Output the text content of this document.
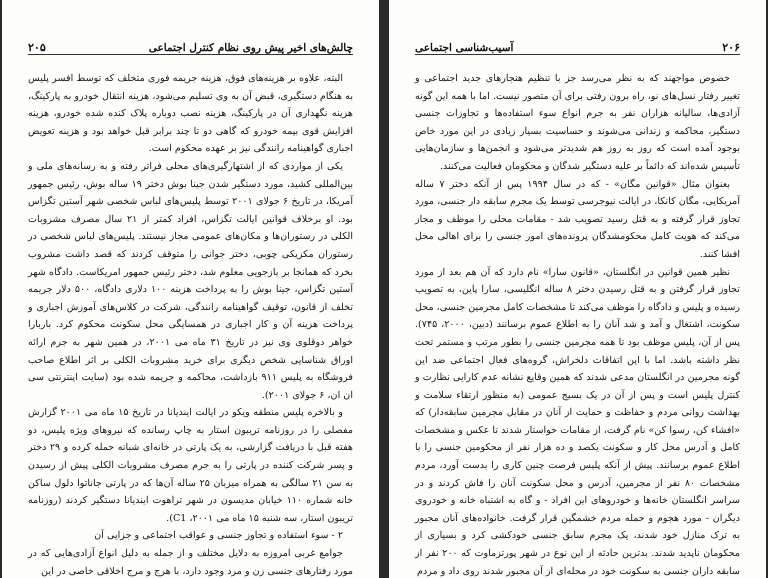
چالش‌های اخیر پیش روی نظام کنترل اجتماعی
۲۰۵

البته، علاوه بر هزینه‌های فوق، هزینه جریمه فوری متخلف که توسط افسر پلیس به هنگام دستگیری، قبض آن به وی تسلیم می‌شود، هزینه انتقال خودرو به پارکینگ، هزینه نگهداری آن در پارکینگ، هزینه نصب دوباره پلاک کنده شده خودرو، هزینه افزایش قوی بیمه خودرو که گاهی دو تا چند برابر قبل خواهد بود و هزینه تعویض اجباری گواهینامه رانندگی نیز بر عهده محکوم است.

یکی از مواردی که از اشتهارگیری‌های محلی فراتر رفته و به رسانه‌های ملی و بین‌المللی کشید، مورد دستگیر شدن جینا بوش دختر ۱۹ ساله بوش، رئیس جمهور آمریکا، در تاریخ ۶ جولای ۲۰۰۱ توسط پلیس‌های لباس شخصی شهر آستین تگزاس بود. او برخلاف قوانین ایالت تگزاس، افراد کمتر از ۲۱ سال مصرف مشروبات الکلی در رستوران‌ها و مکان‌های عمومی مجاز نیستند. پلیس‌های لباس شخصی در رستوران مکزیکی چوبی، دختر جوانی را متوقف کردند که قصد داشت مشروب بخرد که همانجا بر بازجویی معلوم شد، دختر رئیس جمهور امریکاست. دادگاه شهر آستین تگزاس، جینا بوش را به پرداخت هزینه ۱۰۰ دلاری دادگاه، ۵۰۰ دلار جریمه تخلف از قانون، توقیف گواهینامه رانندگی، شرکت در کلاس‌های آموزش اجباری و پرداخت هزینه آن و کار اجباری در همسایگی محل سکونت محکوم کرد. باربارا خواهر دوقلوی وی نیز در تاریخ ۳۱ ماه می ۲۰۰۱، در همین شهر به جرم ارائه اوراق شناسایی شخص دیگری برای خرید مشروبات الکلی بر اثر اطلاع صاحب فروشگاه به پلیس ۹۱۱ بازداشت، محاکمه و جریمه شده بود (سایت اینترنتی سی ان ان، ۶ جولای ۲۰۰۱).

و بالاخره پلیس منطقه ویکو در ایالت ایندیانا در تاریخ ۱۵ ماه می ۲۰۰۱ گزارش مفصلی را در روزنامه تریبون استار به چاپ رسانده که نیروهای ویژه پلیس، دو هفته قبل با دریافت گزارشی، به یک پارتی در خانه‌ای شبانه حمله کرده و ۲۹ دختر و پسر شرکت کننده در پارتی را به جرم مصرف مشروبات الکلی پیش از رسیدن به سن ۲۱ سالگی به همراه میزبان ۲۵ ساله آن‌ها که در پارتی جاناتوا دلول ساکن خانه شماره ۱۱۰ خیابان مدیسون در شهر تراهوت ایندیانا دستگیر کردند (روزنامه تریبون استار، سه شنبه ۱۵ ماه می ۲۰۰۱، C1).

۲ - سوء استفاده و تجاوز جنسی و عواقب اجتماعی و جزایی آن

جوامع غربی امروزه به دلایل مختلف و از جمله به دلیل انواع آزادی‌هایی که در مورد رفتارهای جنسی زن و مرد وجود دارد، با هرج و مرج اخلاقی خاصی در این

۲۰۶
آسیب‌شناسی اجتماعی

خصوص مواجهند که به نظر می‌رسد جز با تنظیم هنجارهای جدید اجتماعی و تغییر رفتار نسل‌های نو، راه برون رفتی برای آن متصور نیست. اما با همه این گونه آزادی‌ها، سالیانه هزاران نفر به جرم انواع سوء استفاده‌ها و تجاوزات جنسی دستگیر، محاکمه و زندانی می‌شوند و حساسیت بسیار زیادی در این مورد خاص بوجود آمده است که روز به روز هم شدیدتر می‌شود و انجمن‌ها و سازمان‌هایی تأسیس شده‌اند که دائماً بر علیه دستگیر شدگان و محکومان فعالیت می‌کنند.

بعنوان مثال «قوانین مگان» - که در سال ۱۹۹۴ پس از آنکه دختر ۷ ساله آمریکایی، مگان کانکا، در ایالت نیوجرسی توسط یک مجرم سابقه دار جنسی، مورد تجاوز قرار گرفته و به قتل رسید تصویب شد - مقامات محلی را موظف و مجاز می‌کند که هویت کامل محکومشدگان پرونده‌های امور جنسی را برای اهالی محل افشا کنند.

نظیر همین قوانین در انگلستان، «قانون سارا» نام دارد که آن هم بعد از مورد تجاوز قرار گرفتن و به قتل رسیدن دختر ۸ ساله انگلیسی، سارا پاین، به تصویب رسیده و پلیس و دادگاه را موظف می‌کند تا مشخصات کامل مجرمین جنسی، محل سکونت، اشتغال و آمد و شد آنان را به اطلاع عموم برسانند (دبین، ۲۰۰۰، ۷۴۵). پس از آن، پلیس موظف بود تا همه مجرمین جنسی را بطور مرتب و مستمر تحت نظر داشته باشد. اما با این اتفاقات دلخراش، گروه‌های فعال اجتماعی ضد این گونه مجرمین در انگلستان مدعی شدند که همین وقایع نشانه عدم کارایی نظارت و کنترل پلیس است و پس از آن در یک بسیج عمومی (به منظور ارتقاء سلامت و بهداشت روانی مردم و حفاظت و حمایت از آنان در مقابل مجرمین سابقه‌دار) که «افشاء کن، رسوا کن» نام گرفت، از مقامات خواستار شدند تا عکس و مشخصات کامل و آدرس محل کار و سکونت یکصد و ده هزار نفر از محکومین جنسی را با اطلاع عموم برسانند. پیش از آنکه پلیس فرصت چنین کاری را بدست آورد، مردم مشخصات ۸۰ نفر از مجرمین، آدرس و محل سکونت آنان را فاش کردند و در سراسر انگلستان خانه‌ها و خودروهای این افراد - و گاه به اشتباه خانه و خودروی دیگران - مورد هجوم و حمله مردم خشمگین قرار گرفت. خانواده‌های آنان مجبور به ترک منازل خود شدند، یک مجرم سابق جنسی خودکشی کرد و بسیاری از محکومان ناپدید شدند. بدترین حادثه از این نوع در شهر پورتزماوت که ۲۰۰ نفر از سابقه داران جنسی به سکونت خود در محله‌ای از آن مجبور شدند روی داد و مردم
